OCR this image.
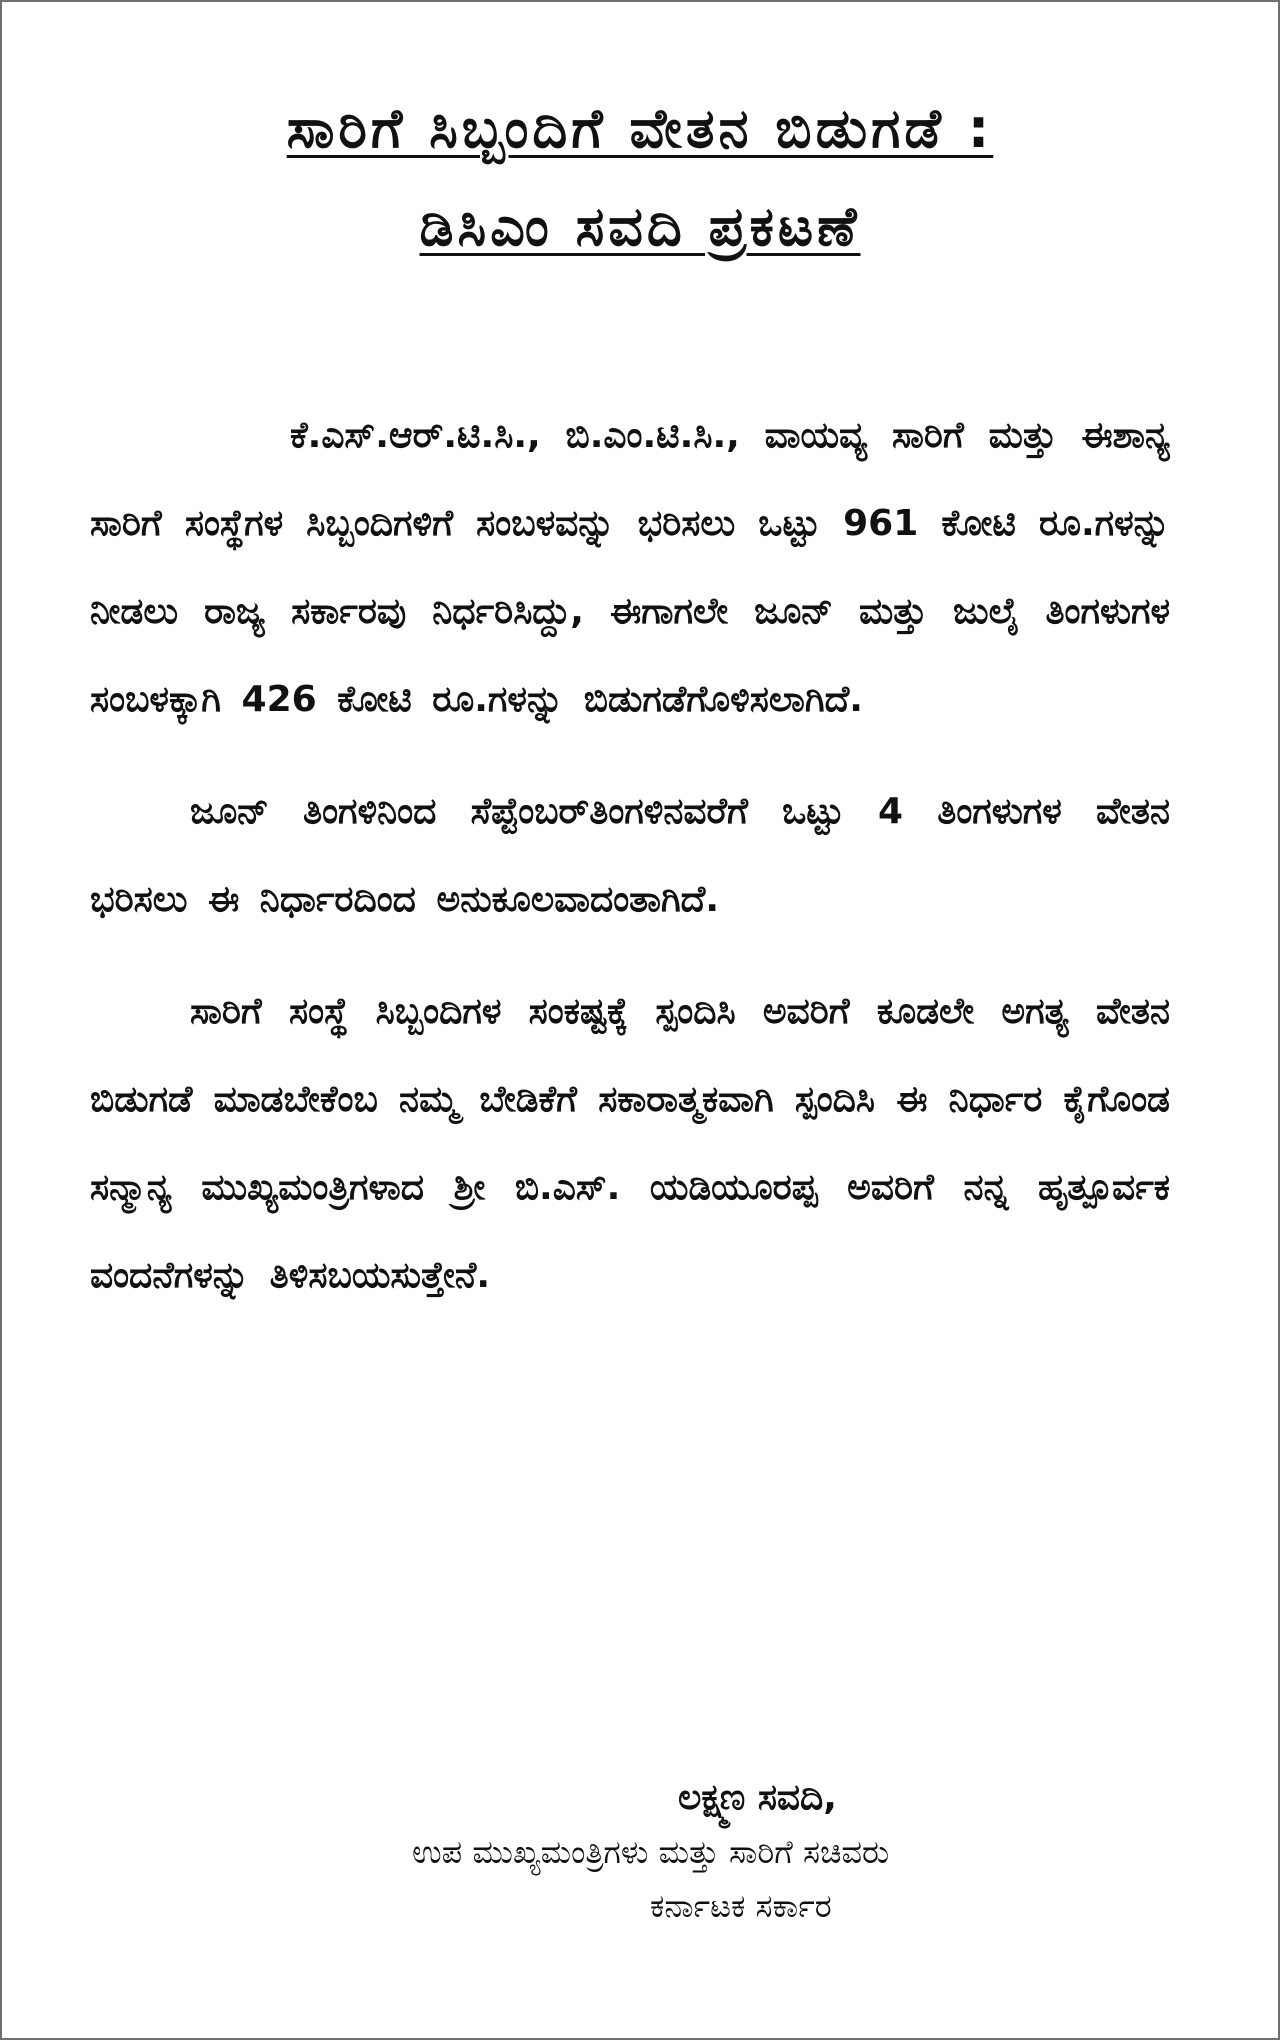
ಸಾರಿಗೆ ಸಿಬ್ಬಂದಿಗೆ ವೇತನ ಬಿಡುಗಡೆ :
ಡಿಸಿಎಂ ಸವದಿ ಪ್ರಕಟಣೆ

ಕೆ.ಎಸ್.ಆರ್.ಟಿ.ಸಿ., ಬಿ.ಎಂ.ಟಿ.ಸಿ., ವಾಯವ್ಯ ಸಾರಿಗೆ ಮತ್ತು ಈಶಾನ್ಯ ಸಾರಿಗೆ ಸಂಸ್ಥೆಗಳ ಸಿಬ್ಬಂದಿಗಳಿಗೆ ಸಂಬಳವನ್ನು ಭರಿಸಲು ಒಟ್ಟು 961 ಕೋಟಿ ರೂ.ಗಳನ್ನು ನೀಡಲು ರಾಜ್ಯ ಸರ್ಕಾರವು ನಿರ್ಧರಿಸಿದ್ದು, ಈಗಾಗಲೇ ಜೂನ್ ಮತ್ತು ಜುಲೈ ತಿಂಗಳುಗಳ ಸಂಬಳಕ್ಕಾಗಿ 426 ಕೋಟಿ ರೂ.ಗಳನ್ನು ಬಿಡುಗಡೆಗೊಳಿಸಲಾಗಿದೆ.

ಜೂನ್ ತಿಂಗಳಿನಿಂದ ಸೆಪ್ಟೆಂಬರ್‌ತಿಂಗಳಿನವರೆಗೆ ಒಟ್ಟು 4 ತಿಂಗಳುಗಳ ವೇತನ ಭರಿಸಲು ಈ ನಿರ್ಧಾರದಿಂದ ಅನುಕೂಲವಾದಂತಾಗಿದೆ.

ಸಾರಿಗೆ ಸಂಸ್ಥೆ ಸಿಬ್ಬಂದಿಗಳ ಸಂಕಷ್ಟಕ್ಕೆ ಸ್ಪಂದಿಸಿ ಅವರಿಗೆ ಕೂಡಲೇ ಅಗತ್ಯ ವೇತನ ಬಿಡುಗಡೆ ಮಾಡಬೇಕೆಂಬ ನಮ್ಮ ಬೇಡಿಕೆಗೆ ಸಕಾರಾತ್ಮಕವಾಗಿ ಸ್ಪಂದಿಸಿ ಈ ನಿರ್ಧಾರ ಕೈಗೊಂಡ ಸನ್ಮಾನ್ಯ ಮುಖ್ಯಮಂತ್ರಿಗಳಾದ ಶ್ರೀ ಬಿ.ಎಸ್. ಯಡಿಯೂರಪ್ಪ ಅವರಿಗೆ ನನ್ನ ಹೃತ್ಪೂರ್ವಕ ವಂದನೆಗಳನ್ನು ತಿಳಿಸಬಯಸುತ್ತೇನೆ.

ಲಕ್ಷ್ಮಣ ಸವದಿ,
ಉಪ ಮುಖ್ಯಮಂತ್ರಿಗಳು ಮತ್ತು ಸಾರಿಗೆ ಸಚಿವರು
ಕರ್ನಾಟಕ ಸರ್ಕಾರ
